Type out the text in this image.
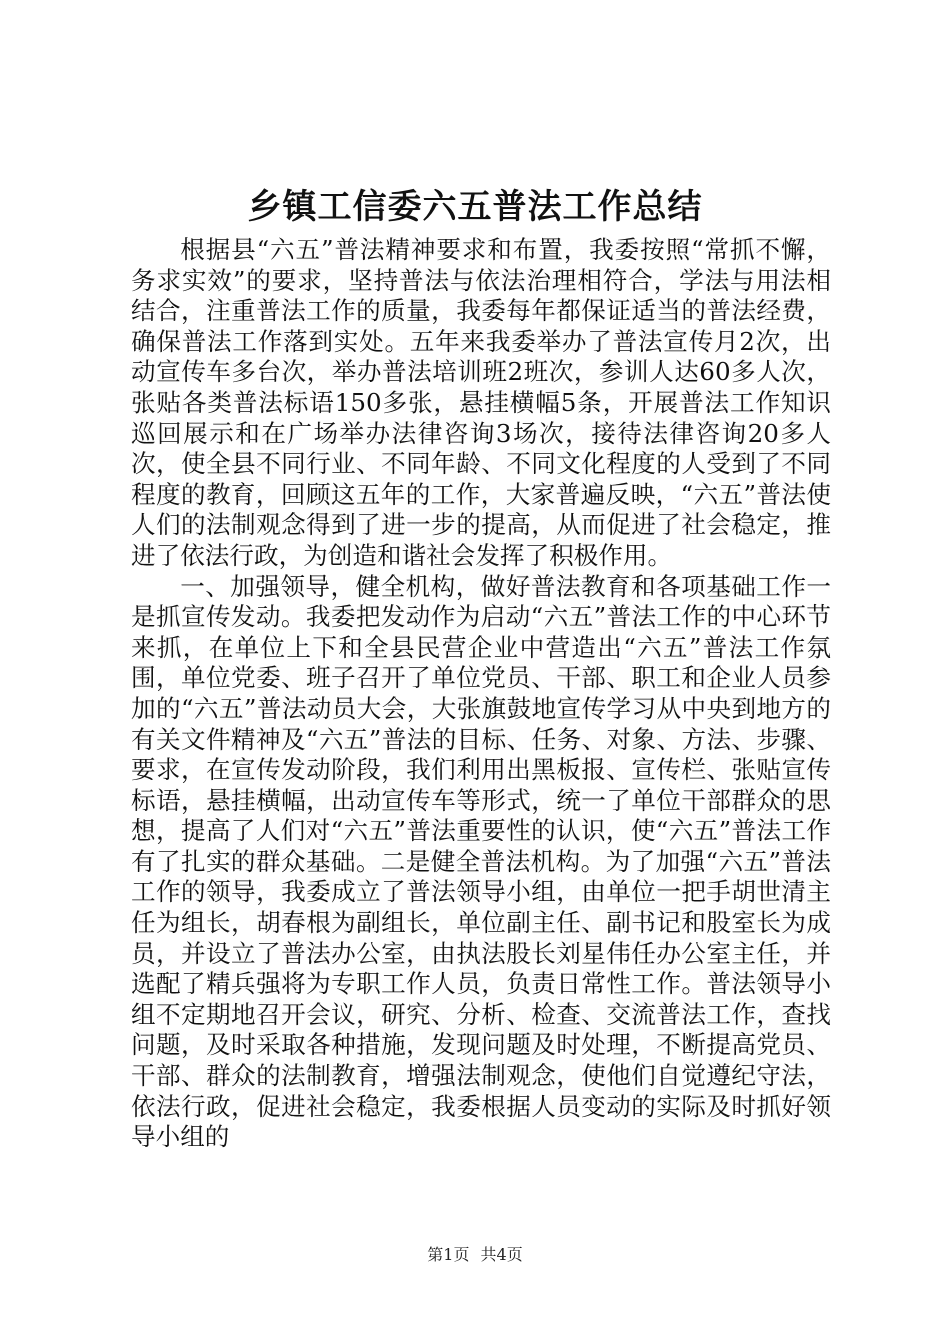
乡镇工信委六五普法工作总结

根据县“六五”普法精神要求和布置，我委按照“常抓不懈，务求实效”的要求，坚持普法与依法治理相符合，学法与用法相结合，注重普法工作的质量，我委每年都保证适当的普法经费，确保普法工作落到实处。五年来我委举办了普法宣传月2次，出动宣传车多台次，举办普法培训班2班次，参训人达60多人次，张贴各类普法标语150多张，悬挂横幅5条，开展普法工作知识巡回展示和在广场举办法律咨询3场次，接待法律咨询20多人次，使全县不同行业、不同年龄、不同文化程度的人受到了不同程度的教育，回顾这五年的工作，大家普遍反映，“六五”普法使人们的法制观念得到了进一步的提高，从而促进了社会稳定，推进了依法行政，为创造和谐社会发挥了积极作用。

一、加强领导，健全机构，做好普法教育和各项基础工作一是抓宣传发动。我委把发动作为启动“六五”普法工作的中心环节来抓，在单位上下和全县民营企业中营造出“六五”普法工作氛围，单位党委、班子召开了单位党员、干部、职工和企业人员参加的“六五”普法动员大会，大张旗鼓地宣传学习从中央到地方的有关文件精神及“六五”普法的目标、任务、对象、方法、步骤、要求，在宣传发动阶段，我们利用出黑板报、宣传栏、张贴宣传标语，悬挂横幅，出动宣传车等形式，统一了单位干部群众的思想，提高了人们对“六五”普法重要性的认识，使“六五”普法工作有了扎实的群众基础。二是健全普法机构。为了加强“六五”普法工作的领导，我委成立了普法领导小组，由单位一把手胡世清主任为组长，胡春根为副组长，单位副主任、副书记和股室长为成员，并设立了普法办公室，由执法股长刘星伟任办公室主任，并选配了精兵强将为专职工作人员，负责日常性工作。普法领导小组不定期地召开会议，研究、分析、检查、交流普法工作，查找问题，及时采取各种措施，发现问题及时处理，不断提高党员、干部、群众的法制教育，增强法制观念，使他们自觉遵纪守法，依法行政，促进社会稳定，我委根据人员变动的实际及时抓好领导小组的

第1页 共4页
